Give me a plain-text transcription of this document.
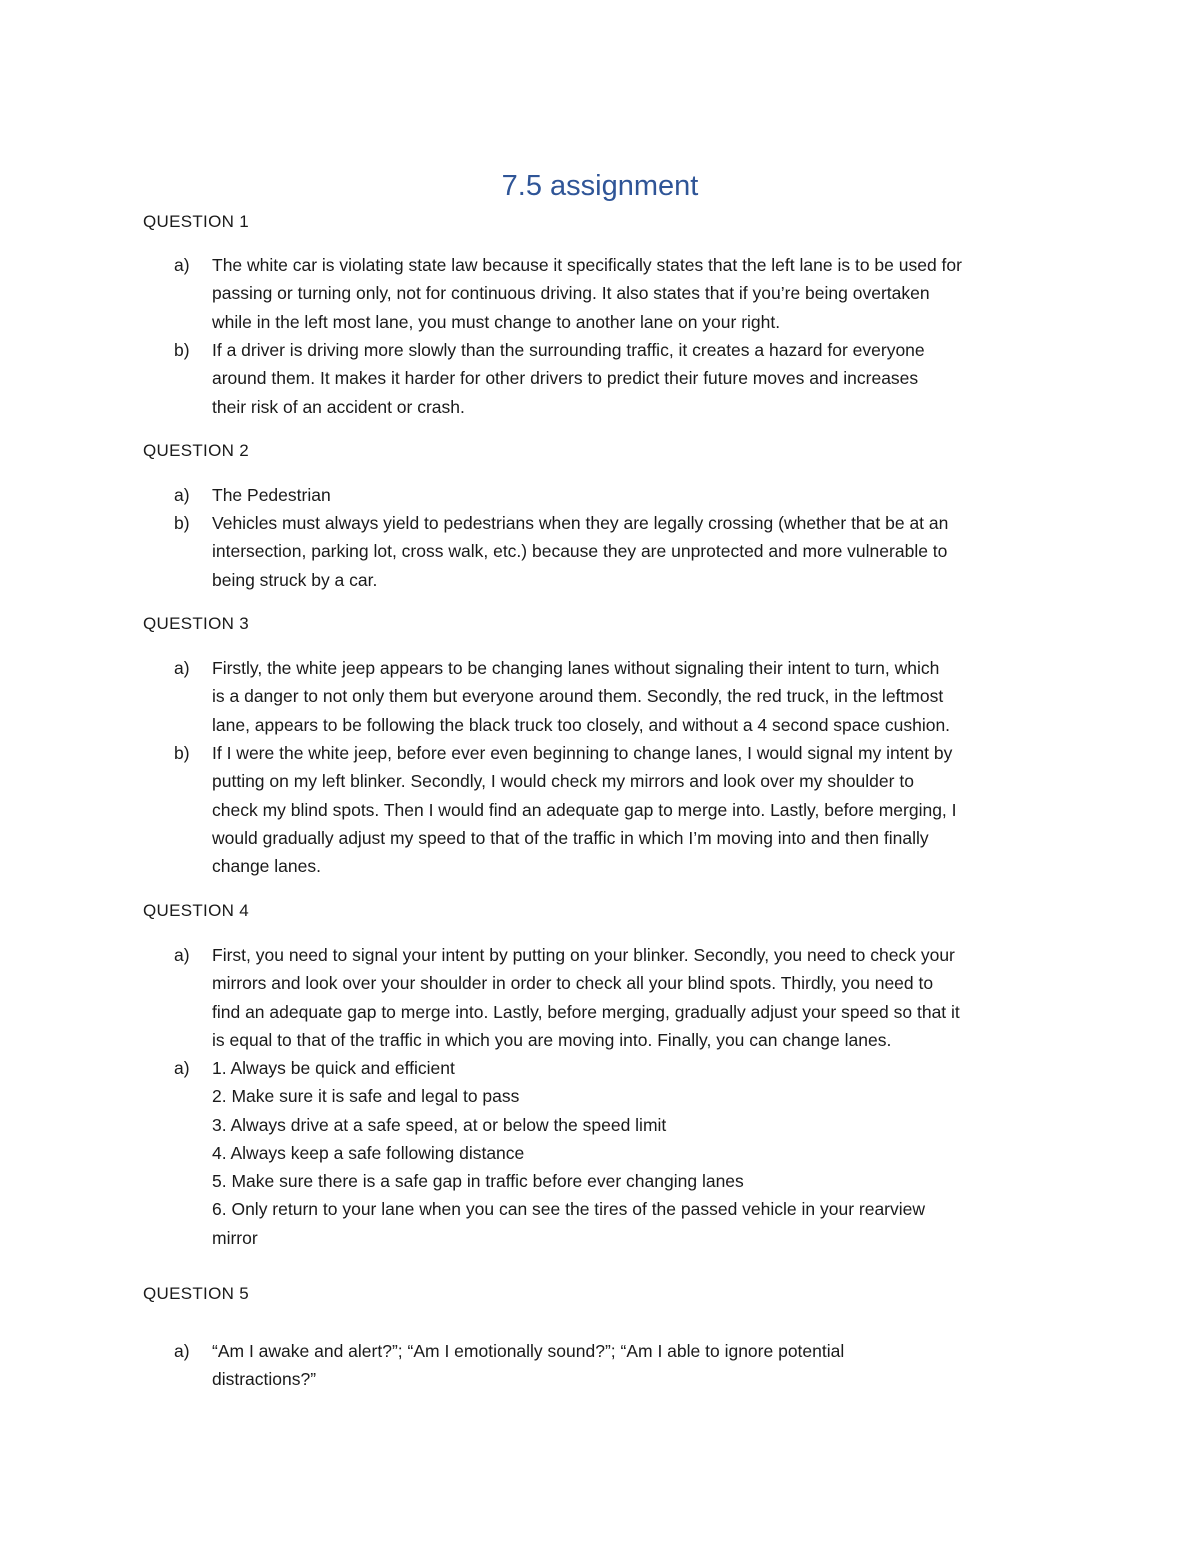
7.5 assignment
QUESTION 1
a)	The white car is violating state law because it specifically states that the left lane is to be used for
passing or turning only, not for continuous driving. It also states that if you’re being overtaken
while in the left most lane, you must change to another lane on your right.
b)	If a driver is driving more slowly than the surrounding traffic, it creates a hazard for everyone
around them. It makes it harder for other drivers to predict their future moves and increases
their risk of an accident or crash.
QUESTION 2
a)	The Pedestrian
b)	Vehicles must always yield to pedestrians when they are legally crossing (whether that be at an
intersection, parking lot, cross walk, etc.) because they are unprotected and more vulnerable to
being struck by a car.
QUESTION 3
a)	Firstly, the white jeep appears to be changing lanes without signaling their intent to turn, which
is a danger to not only them but everyone around them. Secondly, the red truck, in the leftmost
lane, appears to be following the black truck too closely, and without a 4 second space cushion.
b)	If I were the white jeep, before ever even beginning to change lanes, I would signal my intent by
putting on my left blinker. Secondly, I would check my mirrors and look over my shoulder to
check my blind spots. Then I would find an adequate gap to merge into. Lastly, before merging, I
would gradually adjust my speed to that of the traffic in which I’m moving into and then finally
change lanes.
QUESTION 4
a)	First, you need to signal your intent by putting on your blinker. Secondly, you need to check your
mirrors and look over your shoulder in order to check all your blind spots. Thirdly, you need to
find an adequate gap to merge into. Lastly, before merging, gradually adjust your speed so that it
is equal to that of the traffic in which you are moving into. Finally, you can change lanes.
a)	1. Always be quick and efficient
2. Make sure it is safe and legal to pass
3. Always drive at a safe speed, at or below the speed limit
4. Always keep a safe following distance
5. Make sure there is a safe gap in traffic before ever changing lanes
6. Only return to your lane when you can see the tires of the passed vehicle in your rearview
mirror
QUESTION 5
a)	“Am I awake and alert?”; “Am I emotionally sound?”; “Am I able to ignore potential
distractions?”
